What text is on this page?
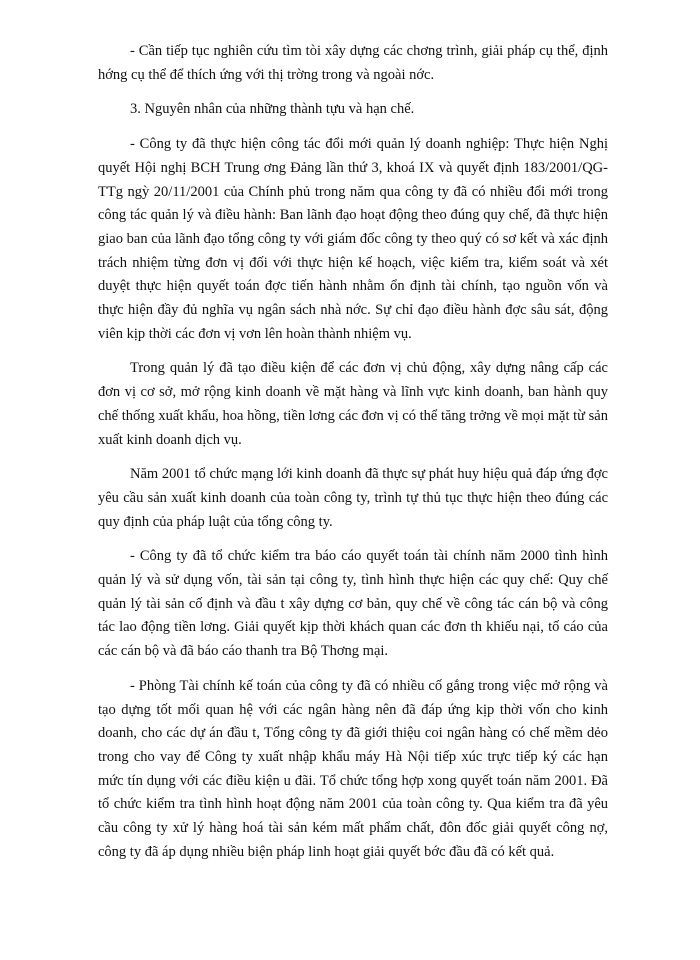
- Cần tiếp tục nghiên cứu tìm tòi xây dựng các chơng trình, giải pháp cụ thể, định hớng cụ thể để thích ứng với thị trờng trong và ngoài nớc.

3. Nguyên nhân của những thành tựu và hạn chế.

- Công ty đã thực hiện công tác đổi mới quản lý doanh nghiệp: Thực hiện Nghị quyết Hội nghị BCH Trung ơng Đảng lần thứ 3, khoá IX và quyết định 183/2001/QG-TTg ngỳ 20/11/2001 của Chính phủ trong năm qua công ty đã có nhiều đổi mới trong công tác quản lý và điều hành: Ban lãnh đạo hoạt động theo đúng quy chế, đã thực hiện giao ban của lãnh đạo tổng công ty với giám đốc công ty theo quý có sơ kết và xác định trách nhiệm từng đơn vị đối với thực hiện kế hoạch, việc kiểm tra, kiểm soát và xét duyệt thực hiện quyết toán đợc tiến hành nhằm ổn định tài chính, tạo nguồn vốn và thực hiện đầy đủ nghĩa vụ ngân sách nhà nớc. Sự chỉ đạo điều hành đợc sâu sát, động viên kịp thời các đơn vị vơn lên hoàn thành nhiệm vụ.

Trong quản lý đã tạo điều kiện để các đơn vị chủ động, xây dựng nâng cấp các đơn vị cơ sở, mở rộng kinh doanh về mặt hàng và lĩnh vực kinh doanh, ban hành quy chế thống xuất khẩu, hoa hồng, tiền lơng các đơn vị có thể tăng trởng về mọi mặt từ sản xuất kinh doanh dịch vụ.

Năm 2001 tổ chức mạng lới kinh doanh đã thực sự phát huy hiệu quả đáp ứng đợc yêu cầu sản xuất kinh doanh của toàn công ty, trình tự thủ tục thực hiện theo đúng các quy định của pháp luật của tổng công ty.

- Công ty đã tổ chức kiểm tra báo cáo quyết toán tài chính năm 2000 tình hình quản lý và sử dụng vốn, tài sản tại công ty, tình hình thực hiện các quy chế: Quy chế quản lý tài sản cố định và đầu t xây dựng cơ bản, quy chế về công tác cán bộ và công tác lao động tiền lơng. Giải quyết kịp thời khách quan các đơn th khiếu nại, tố cáo của các cán bộ và đã báo cáo thanh tra Bộ Thơng mại.

- Phòng Tài chính kế toán của công ty đã có nhiều cố gắng trong việc mở rộng và tạo dựng tốt mối quan hệ với các ngân hàng nên đã đáp ứng kịp thời vốn cho kinh doanh, cho các dự án đầu t, Tổng công ty đã giới thiệu coi ngân hàng có chế mềm dẻo trong cho vay để Công ty xuất nhập khẩu máy Hà Nội tiếp xúc trực tiếp ký các hạn mức tín dụng với các điều kiện u đãi. Tổ chức tổng hợp xong quyết toán năm 2001. Đã tổ chức kiểm tra tình hình hoạt động năm 2001 của toàn công ty. Qua kiểm tra đã yêu cầu công ty xử lý hàng hoá tài sản kém mất phẩm chất, đôn đốc giải quyết công nợ, công ty đã áp dụng nhiều biện pháp linh hoạt giải quyết bớc đầu đã có kết quả.
